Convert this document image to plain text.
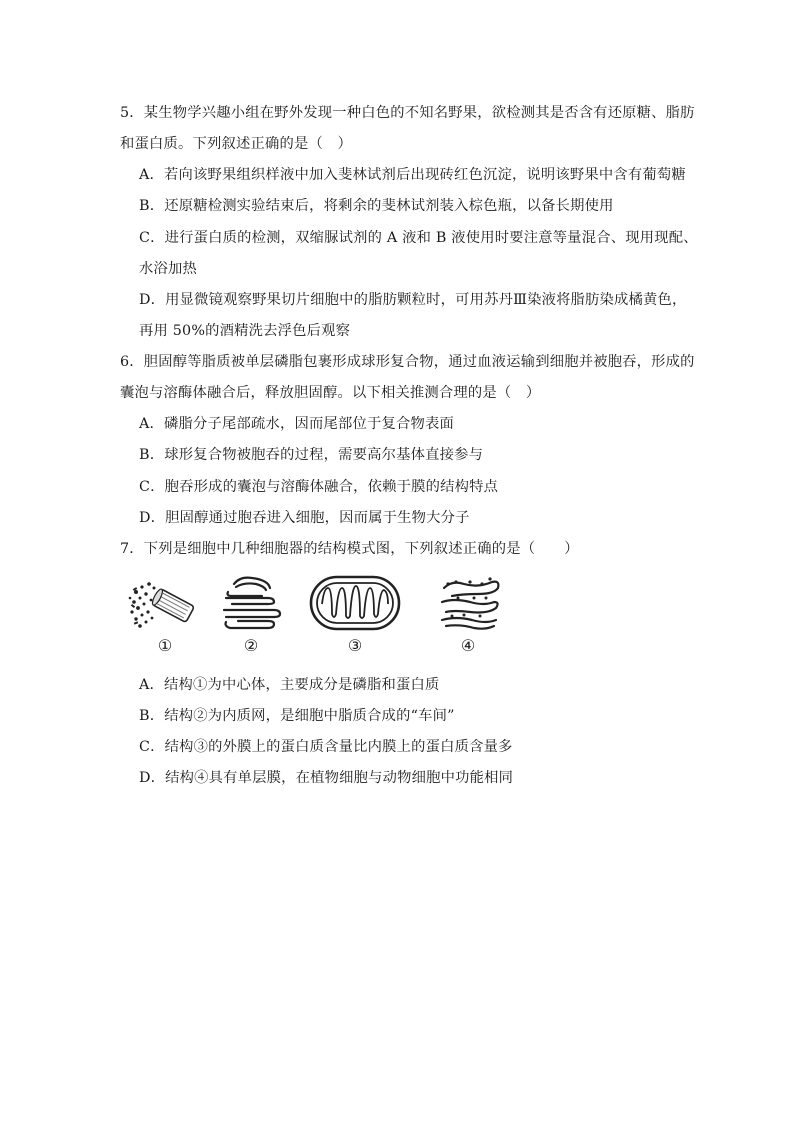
5．某生物学兴趣小组在野外发现一种白色的不知名野果，欲检测其是否含有还原糖、脂肪
和蛋白质。下列叙述正确的是（　）
A．若向该野果组织样液中加入斐林试剂后出现砖红色沉淀，说明该野果中含有葡萄糖
B．还原糖检测实验结束后，将剩余的斐林试剂装入棕色瓶，以备长期使用
C．进行蛋白质的检测，双缩脲试剂的 A 液和 B 液使用时要注意等量混合、现用现配、
水浴加热
D．用显微镜观察野果切片细胞中的脂肪颗粒时，可用苏丹Ⅲ染液将脂肪染成橘黄色，
再用 50%的酒精洗去浮色后观察
6．胆固醇等脂质被单层磷脂包裹形成球形复合物，通过血液运输到细胞并被胞吞，形成的
囊泡与溶酶体融合后，释放胆固醇。以下相关推测合理的是（　）
A．磷脂分子尾部疏水，因而尾部位于复合物表面
B．球形复合物被胞吞的过程，需要高尔基体直接参与
C．胞吞形成的囊泡与溶酶体融合，依赖于膜的结构特点
D．胆固醇通过胞吞进入细胞，因而属于生物大分子
7．下列是细胞中几种细胞器的结构模式图，下列叙述正确的是（　　）
①	②	③	④
A．结构①为中心体，主要成分是磷脂和蛋白质
B．结构②为内质网，是细胞中脂质合成的“车间”
C．结构③的外膜上的蛋白质含量比内膜上的蛋白质含量多
D．结构④具有单层膜，在植物细胞与动物细胞中功能相同
